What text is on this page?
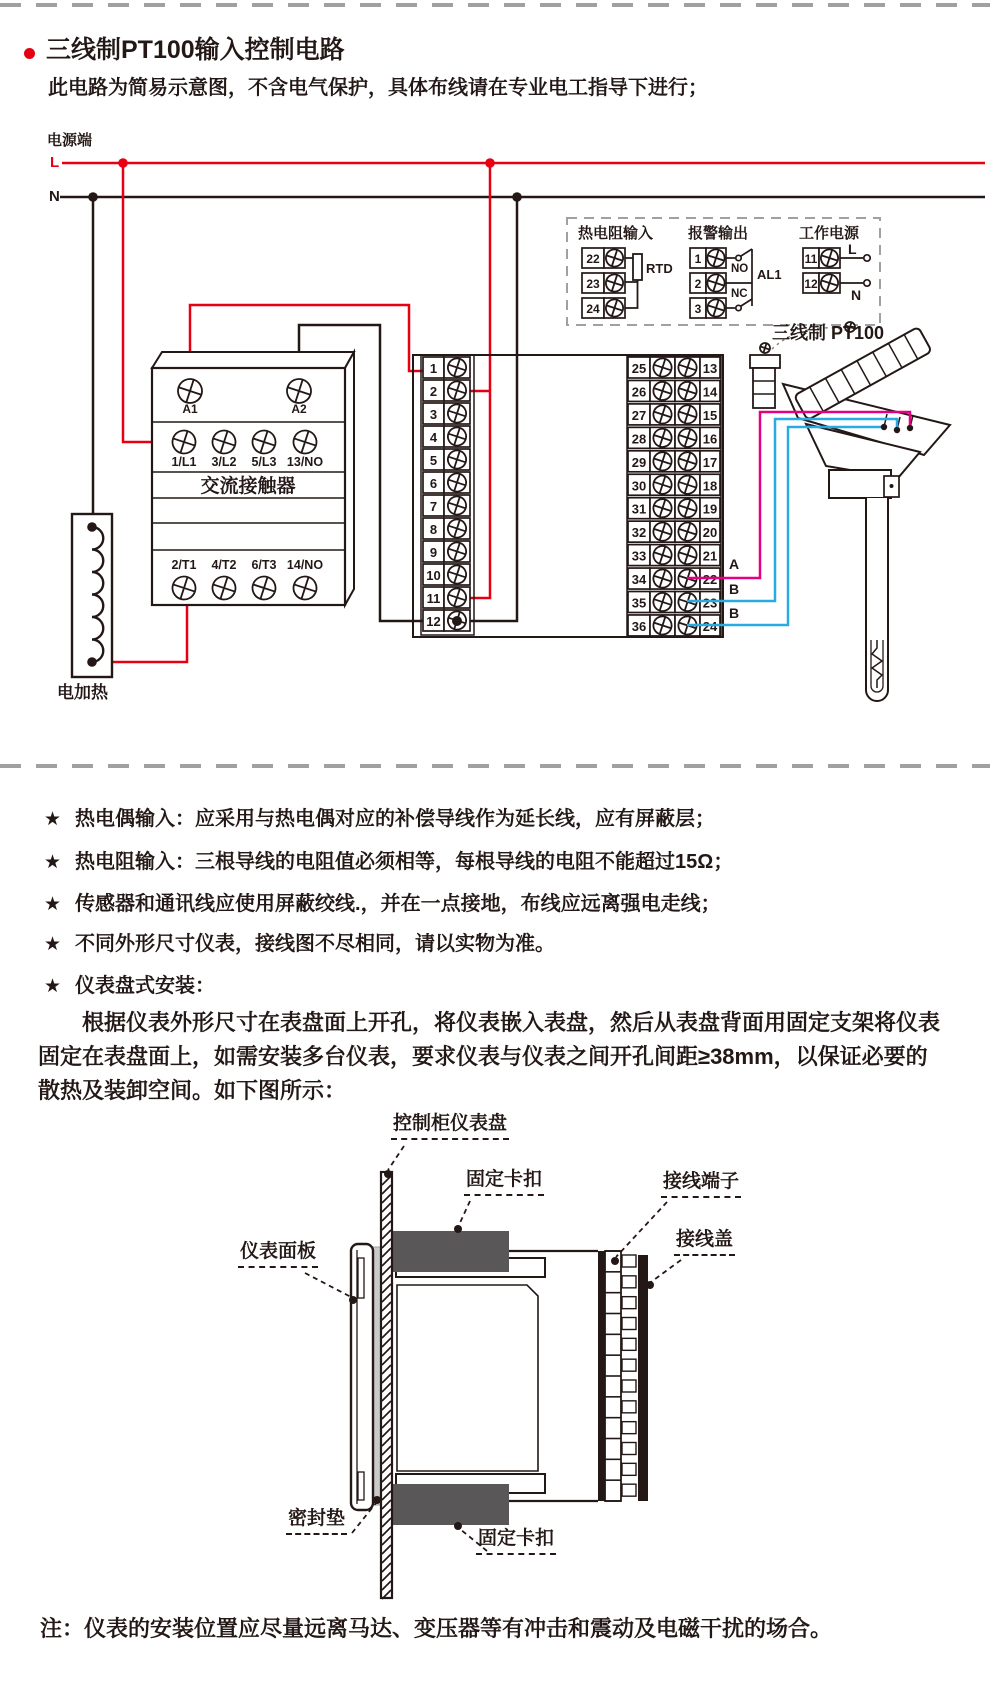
三线制PT100输入控制电路
此电路为简易示意图，不含电气保护，具体布线请在专业电工指导下进行；
A1	A2
1/L1 3/L2 5/L3 13/NO
交流接触器
2/T1 4/T2 6/T3 14/NO
1
2
3
4
5
6
7
8
9
10
11
12
25	13
26	14
27	15
28	16
29	17
30	18
31	19
32	20
33	21
34	22
35	23
36	24
22
23
24
1
2
3
11
12
电源端
L
N
热电阻输入 报警输出	工作电源
RTD	NO
NC
AL1
L
N
电加热
三线制 PT100
A
B
B
★ 热电偶输入：应采用与热电偶对应的补偿导线作为延长线，应有屏蔽层；
★ 热电阻输入：三根导线的电阻值必须相等，每根导线的电阻不能超过15Ω；
★ 传感器和通讯线应使用屏蔽绞线.，并在一点接地，布线应远离强电走线；
★ 不同外形尺寸仪表，接线图不尽相同，请以实物为准。
★ 仪表盘式安装：
根据仪表外形尺寸在表盘面上开孔，将仪表嵌入表盘，然后从表盘背面用固定支架将仪表固定在表盘面上，如需安装多台仪表，要求仪表与仪表之间开孔间距≥38mm，以保证必要的散热及装卸空间。如下图所示：
控制柜仪表盘
固定卡扣	接线端子
接线盖
仪表面板
密封垫
固定卡扣
注：仪表的安装位置应尽量远离马达、变压器等有冲击和震动及电磁干扰的场合。
